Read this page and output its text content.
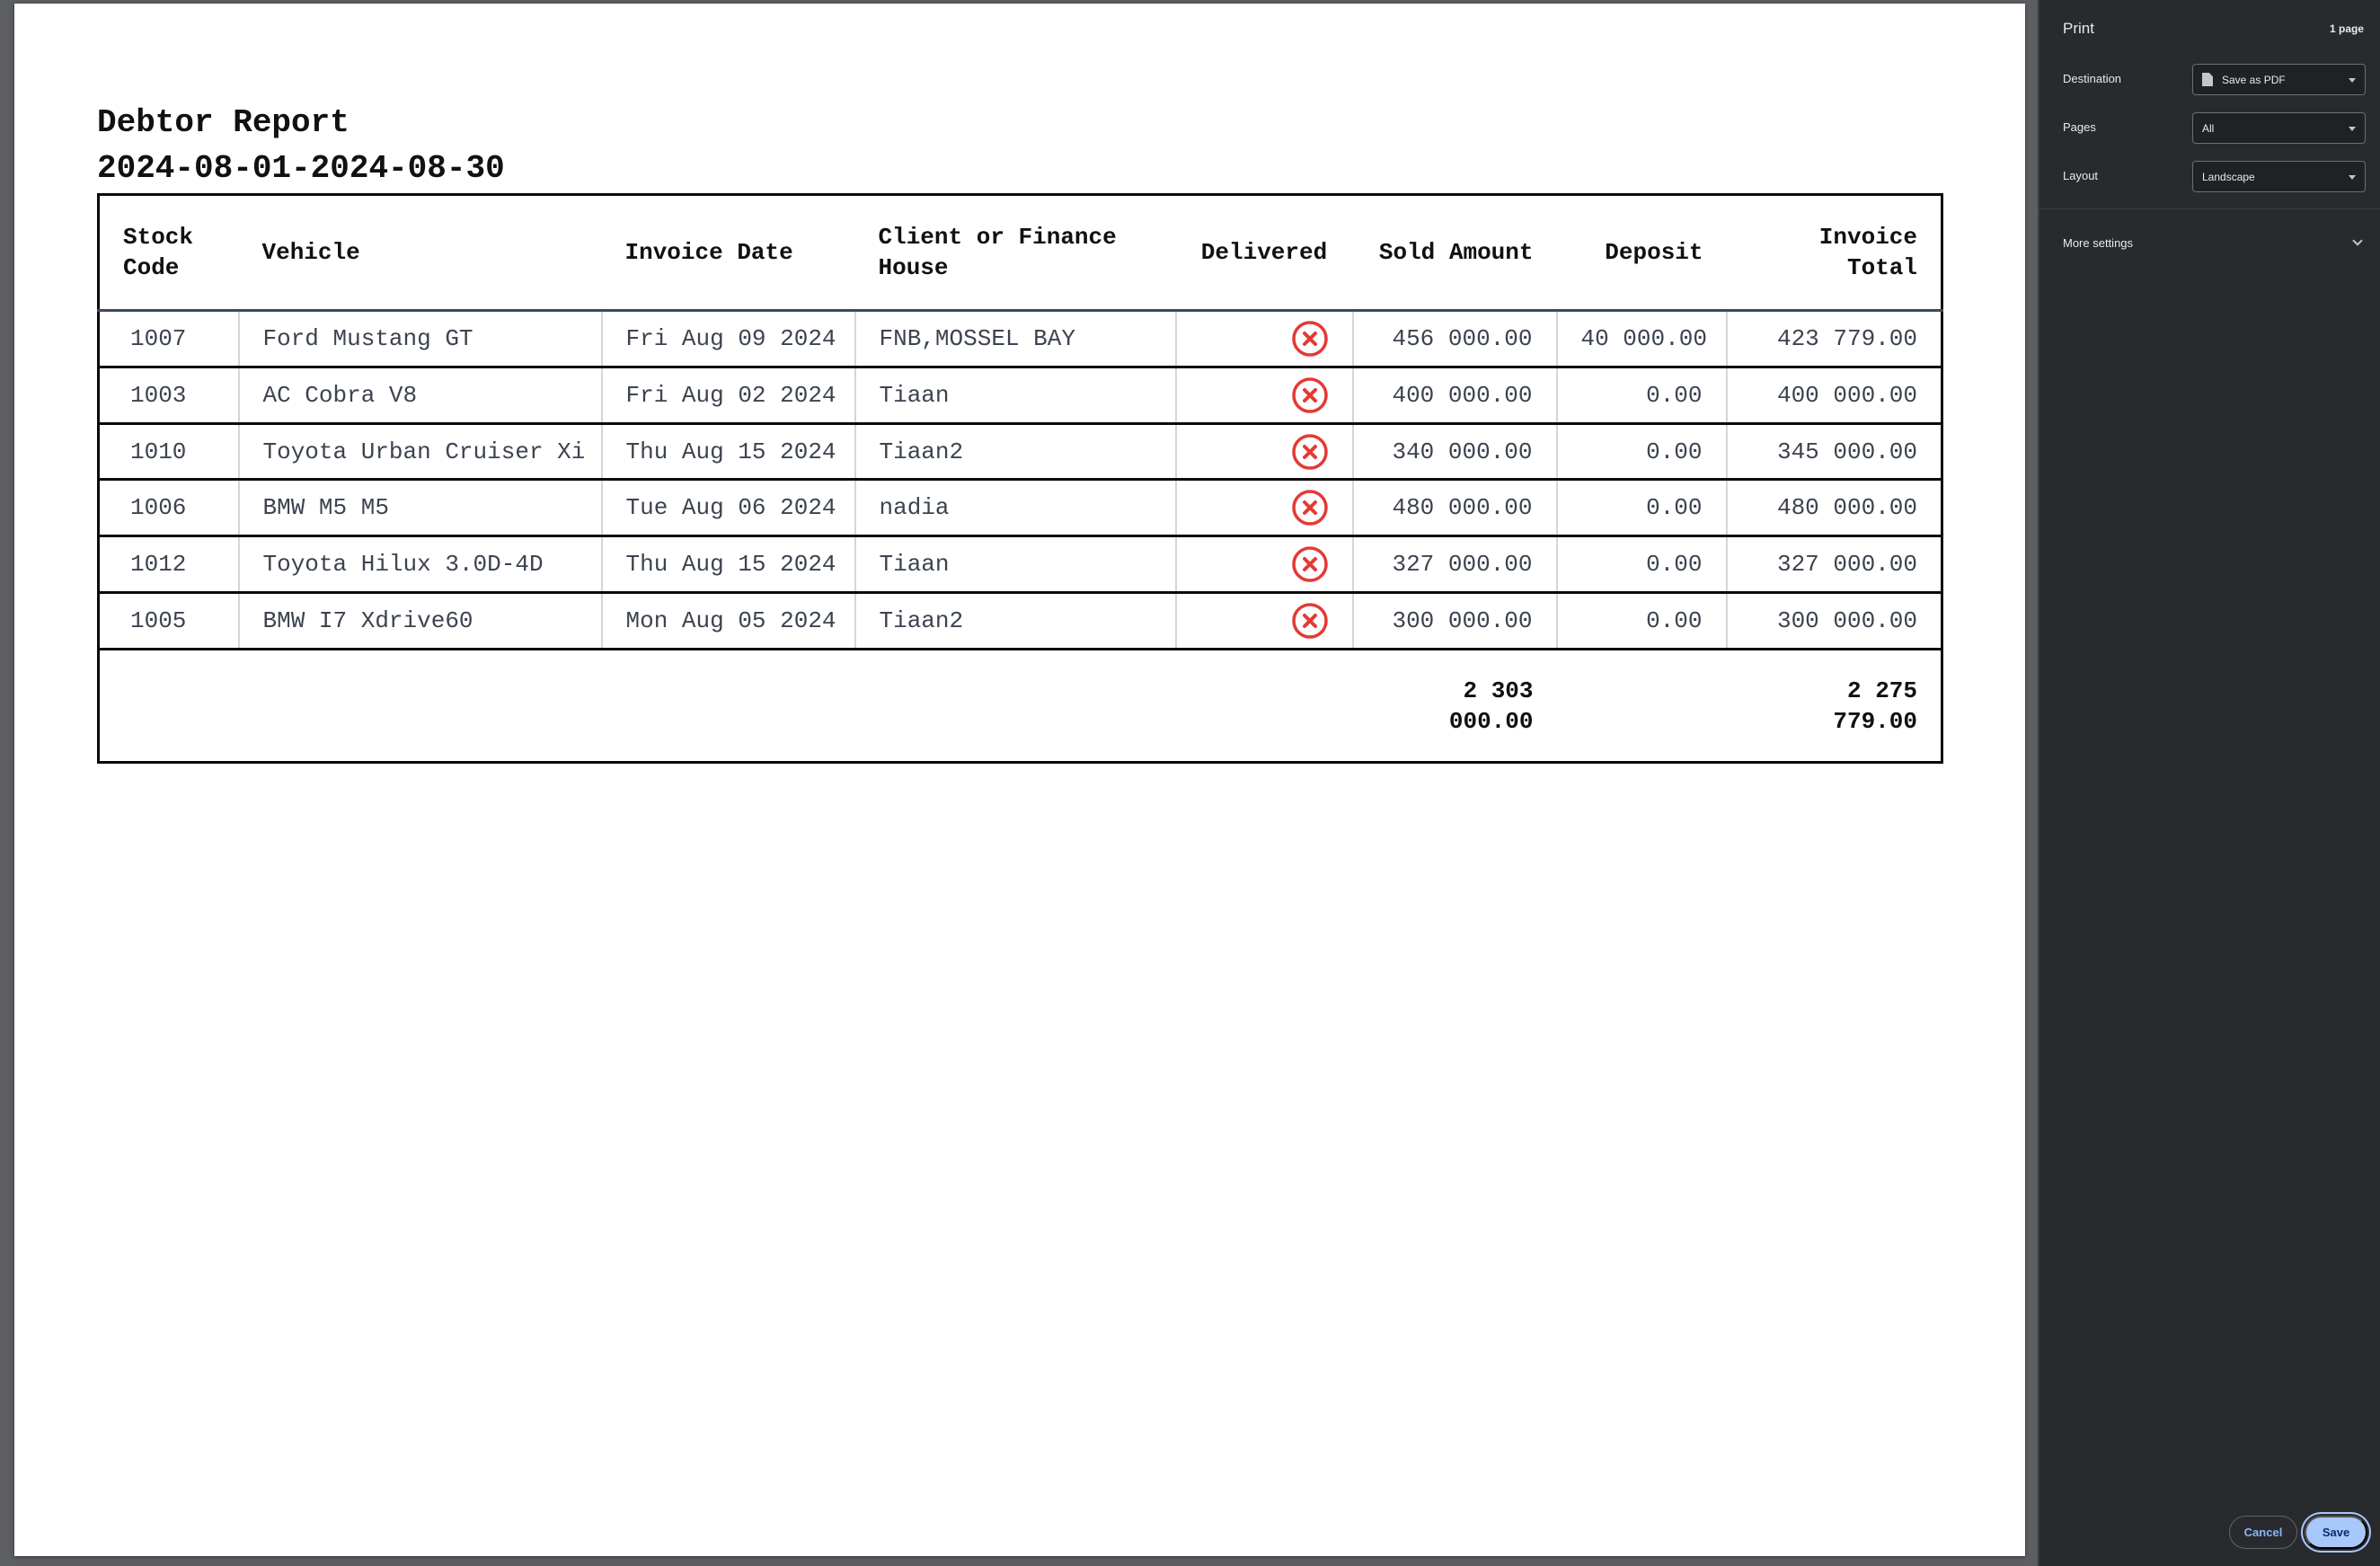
Debtor Report
2024-08-01-2024-08-30
Stock Code	Vehicle	Invoice Date	Client or Finance House	Delivered	Sold Amount	Deposit	Invoice Total
1007	Ford Mustang GT	Fri Aug 09 2024	FNB,MOSSEL BAY		456 000.00	40 000.00	423 779.00
1003	AC Cobra V8	Fri Aug 02 2024	Tiaan		400 000.00	0.00	400 000.00
1010	Toyota Urban Cruiser Xi	Thu Aug 15 2024	Tiaan2		340 000.00	0.00	345 000.00
1006	BMW M5 M5	Tue Aug 06 2024	nadia		480 000.00	0.00	480 000.00
1012	Toyota Hilux 3.0D-4D	Thu Aug 15 2024	Tiaan		327 000.00	0.00	327 000.00
1005	BMW I7 Xdrive60	Mon Aug 05 2024	Tiaan2		300 000.00	0.00	300 000.00
					2 303 000.00		2 275 779.00
Print	1 page
Destination	Save as PDF
Pages	All
Layout	Landscape
More settings
Cancel	Save
